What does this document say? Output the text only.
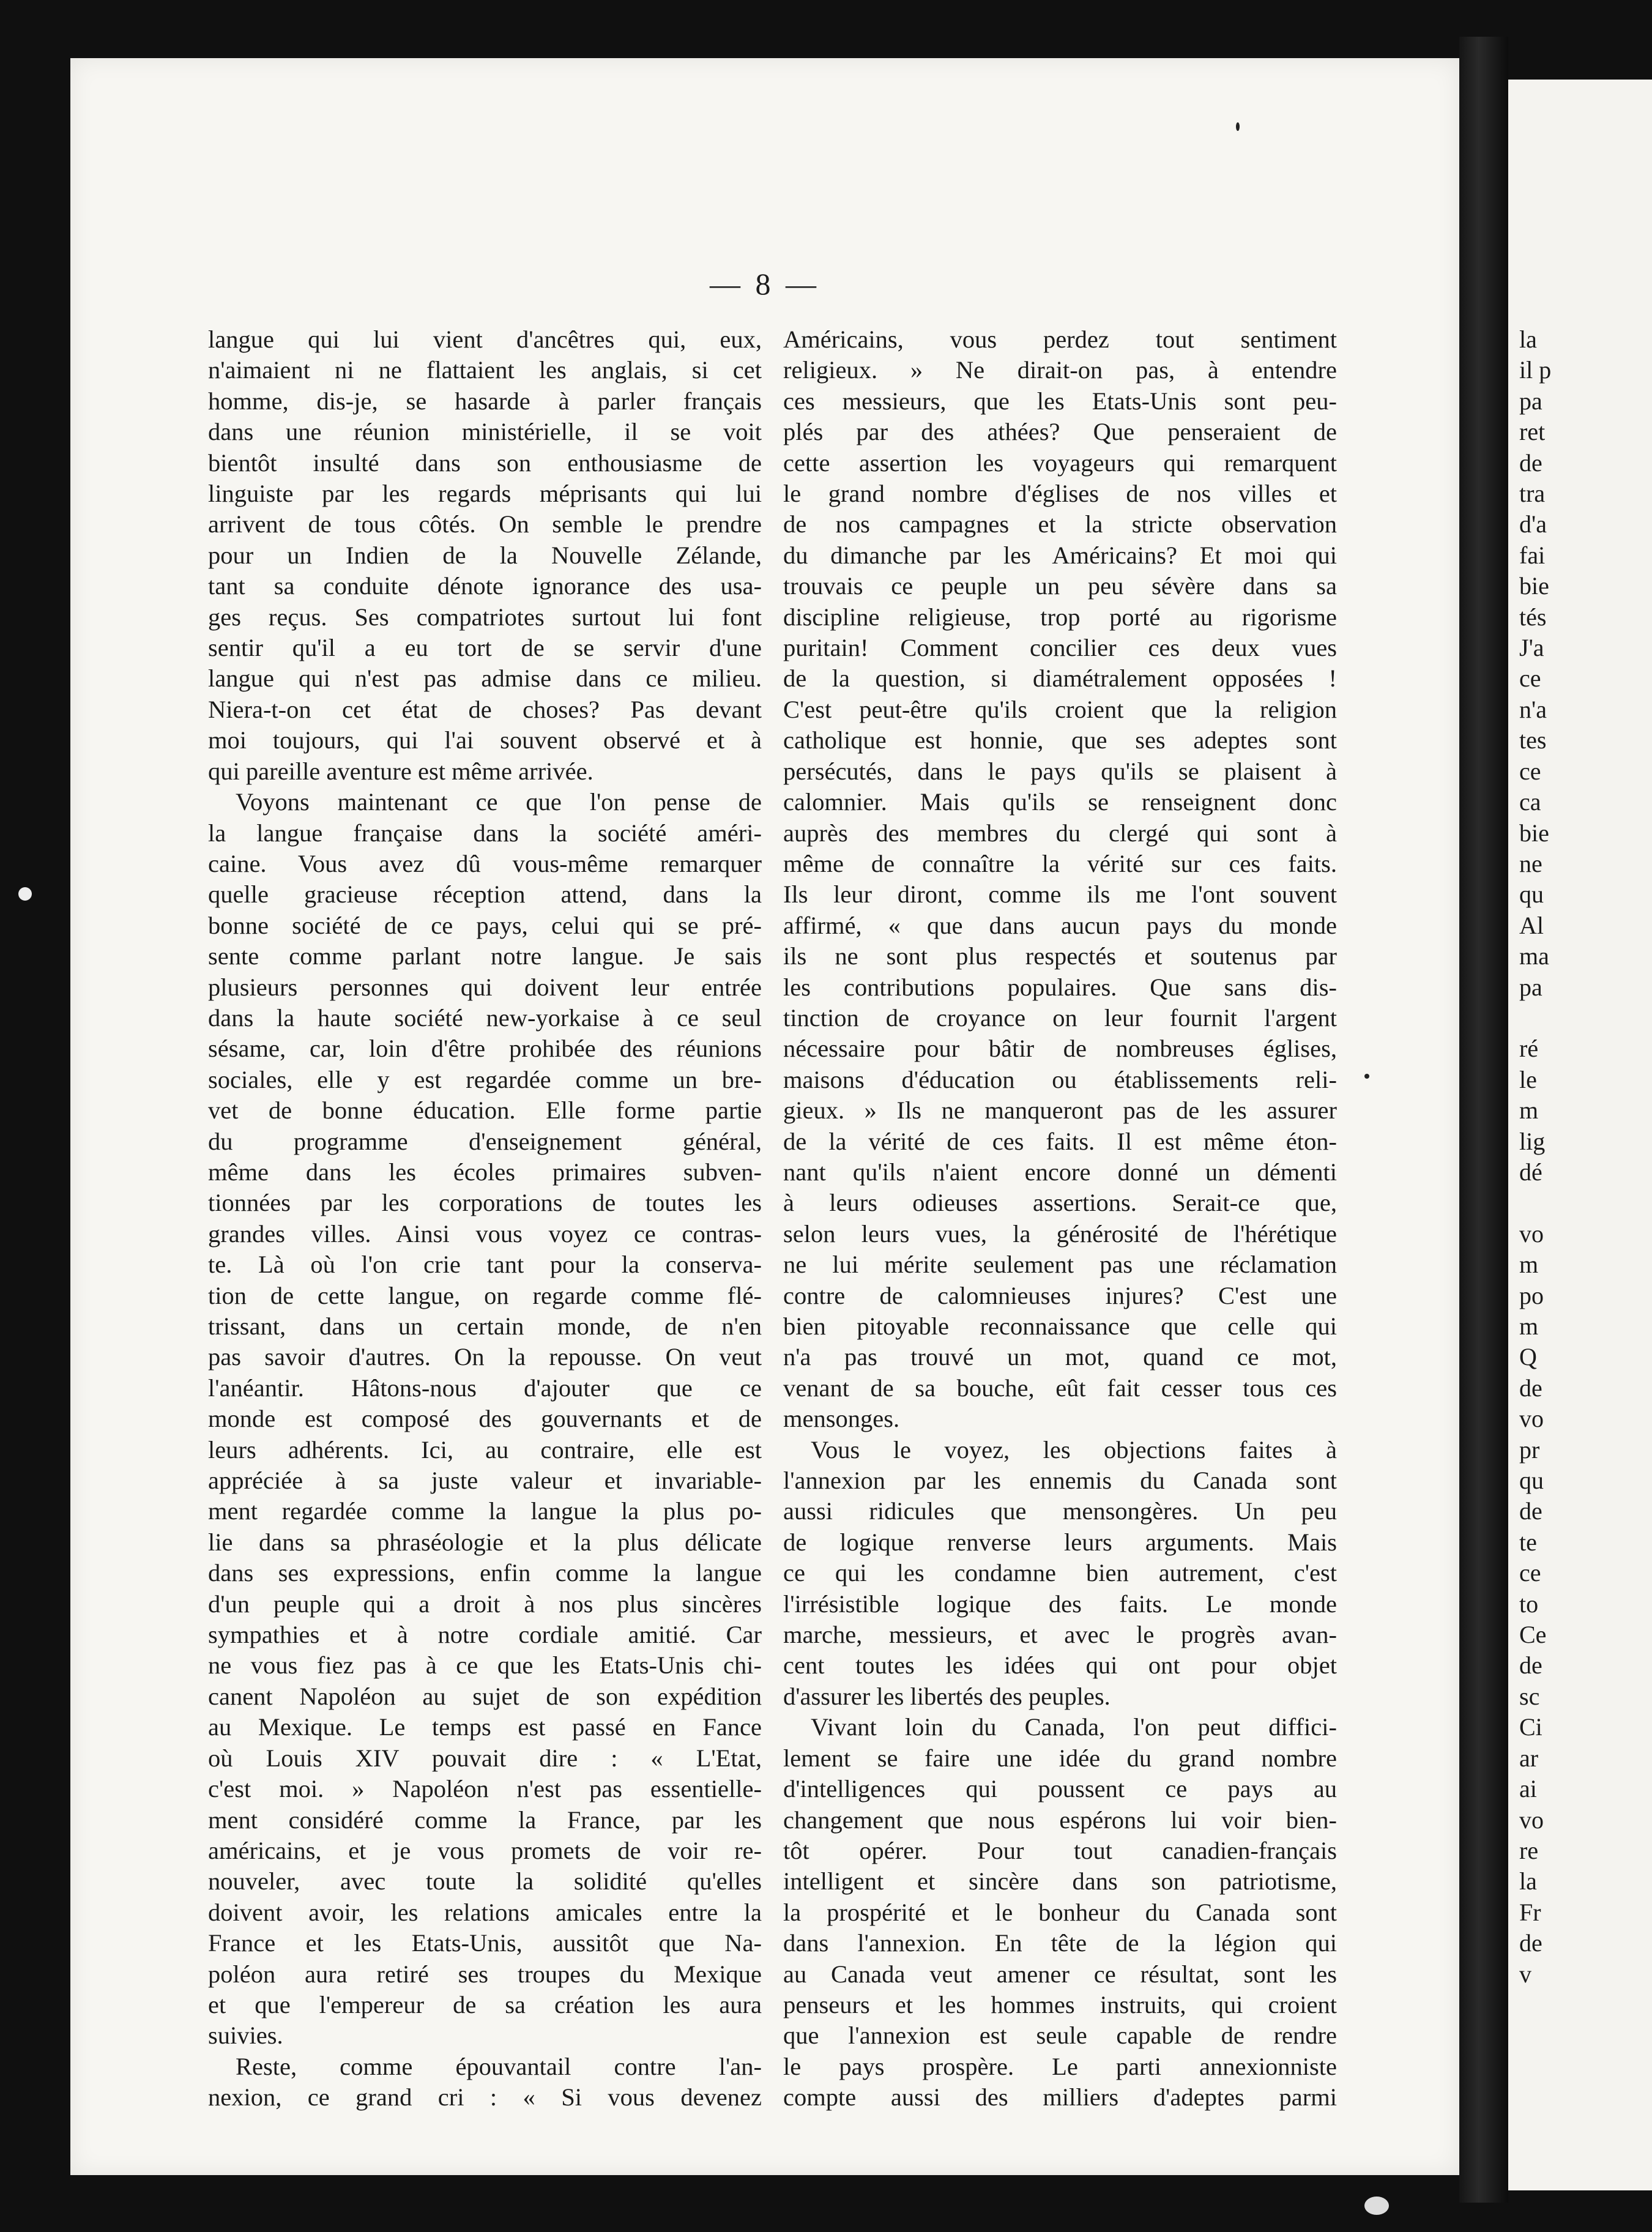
— 8 —
langue qui lui vient d'ancêtres qui, eux,
n'aimaient ni ne flattaient les anglais, si cet
homme, dis-je, se hasarde à parler français
dans une réunion ministérielle, il se voit
bientôt insulté dans son enthousiasme de
linguiste par les regards méprisants qui lui
arrivent de tous côtés. On semble le prendre
pour un Indien de la Nouvelle Zélande,
tant sa conduite dénote ignorance des usa-
ges reçus. Ses compatriotes surtout lui font
sentir qu'il a eu tort de se servir d'une
langue qui n'est pas admise dans ce milieu.
Niera-t-on cet état de choses? Pas devant
moi toujours, qui l'ai souvent observé et à
qui pareille aventure est même arrivée.
Voyons maintenant ce que l'on pense de
la langue française dans la société améri-
caine. Vous avez dû vous-même remarquer
quelle gracieuse réception attend, dans la
bonne société de ce pays, celui qui se pré-
sente comme parlant notre langue. Je sais
plusieurs personnes qui doivent leur entrée
dans la haute société new-yorkaise à ce seul
sésame, car, loin d'être prohibée des réunions
sociales, elle y est regardée comme un bre-
vet de bonne éducation. Elle forme partie
du programme d'enseignement général,
même dans les écoles primaires subven-
tionnées par les corporations de toutes les
grandes villes. Ainsi vous voyez ce contras-
te. Là où l'on crie tant pour la conserva-
tion de cette langue, on regarde comme flé-
trissant, dans un certain monde, de n'en
pas savoir d'autres. On la repousse. On veut
l'anéantir. Hâtons-nous d'ajouter que ce
monde est composé des gouvernants et de
leurs adhérents. Ici, au contraire, elle est
appréciée à sa juste valeur et invariable-
ment regardée comme la langue la plus po-
lie dans sa phraséologie et la plus délicate
dans ses expressions, enfin comme la langue
d'un peuple qui a droit à nos plus sincères
sympathies et à notre cordiale amitié. Car
ne vous fiez pas à ce que les Etats-Unis chi-
canent Napoléon au sujet de son expédition
au Mexique. Le temps est passé en Fance
où Louis XIV pouvait dire : « L'Etat,
c'est moi. » Napoléon n'est pas essentielle-
ment considéré comme la France, par les
américains, et je vous promets de voir re-
nouveler, avec toute la solidité qu'elles
doivent avoir, les relations amicales entre la
France et les Etats-Unis, aussitôt que Na-
poléon aura retiré ses troupes du Mexique
et que l'empereur de sa création les aura
suivies.
Reste, comme épouvantail contre l'an-
nexion, ce grand cri : « Si vous devenez
Américains, vous perdez tout sentiment
religieux. » Ne dirait-on pas, à entendre
ces messieurs, que les Etats-Unis sont peu-
plés par des athées? Que penseraient de
cette assertion les voyageurs qui remarquent
le grand nombre d'églises de nos villes et
de nos campagnes et la stricte observation
du dimanche par les Américains? Et moi qui
trouvais ce peuple un peu sévère dans sa
discipline religieuse, trop porté au rigorisme
puritain! Comment concilier ces deux vues
de la question, si diamétralement opposées !
C'est peut-être qu'ils croient que la religion
catholique est honnie, que ses adeptes sont
persécutés, dans le pays qu'ils se plaisent à
calomnier. Mais qu'ils se renseignent donc
auprès des membres du clergé qui sont à
même de connaître la vérité sur ces faits.
Ils leur diront, comme ils me l'ont souvent
affirmé, « que dans aucun pays du monde
ils ne sont plus respectés et soutenus par
les contributions populaires. Que sans dis-
tinction de croyance on leur fournit l'argent
nécessaire pour bâtir de nombreuses églises,
maisons d'éducation ou établissements reli-
gieux. » Ils ne manqueront pas de les assurer
de la vérité de ces faits. Il est même éton-
nant qu'ils n'aient encore donné un démenti
à leurs odieuses assertions. Serait-ce que,
selon leurs vues, la générosité de l'hérétique
ne lui mérite seulement pas une réclamation
contre de calomnieuses injures? C'est une
bien pitoyable reconnaissance que celle qui
n'a pas trouvé un mot, quand ce mot,
venant de sa bouche, eût fait cesser tous ces
mensonges.
Vous le voyez, les objections faites à
l'annexion par les ennemis du Canada sont
aussi ridicules que mensongères. Un peu
de logique renverse leurs arguments. Mais
ce qui les condamne bien autrement, c'est
l'irrésistible logique des faits. Le monde
marche, messieurs, et avec le progrès avan-
cent toutes les idées qui ont pour objet
d'assurer les libertés des peuples.
Vivant loin du Canada, l'on peut diffici-
lement se faire une idée du grand nombre
d'intelligences qui poussent ce pays au
changement que nous espérons lui voir bien-
tôt opérer. Pour tout canadien-français
intelligent et sincère dans son patriotisme,
la prospérité et le bonheur du Canada sont
dans l'annexion. En tête de la légion qui
au Canada veut amener ce résultat, sont les
penseurs et les hommes instruits, qui croient
que l'annexion est seule capable de rendre
le pays prospère. Le parti annexionniste
compte aussi des milliers d'adeptes parmi
la
il p
pa
ret
de
tra
d'a
fai
bie
tés
J'a
ce
n'a
tes
ce
ca
bie
ne
qu
Al
ma
pa

ré
le
m
lig
dé

vo
m
po
m
Q
de
vo
pr
qu
de
te
ce
to
Ce
de
sc
Ci
ar
ai
vo
re
la
Fr
de
v
